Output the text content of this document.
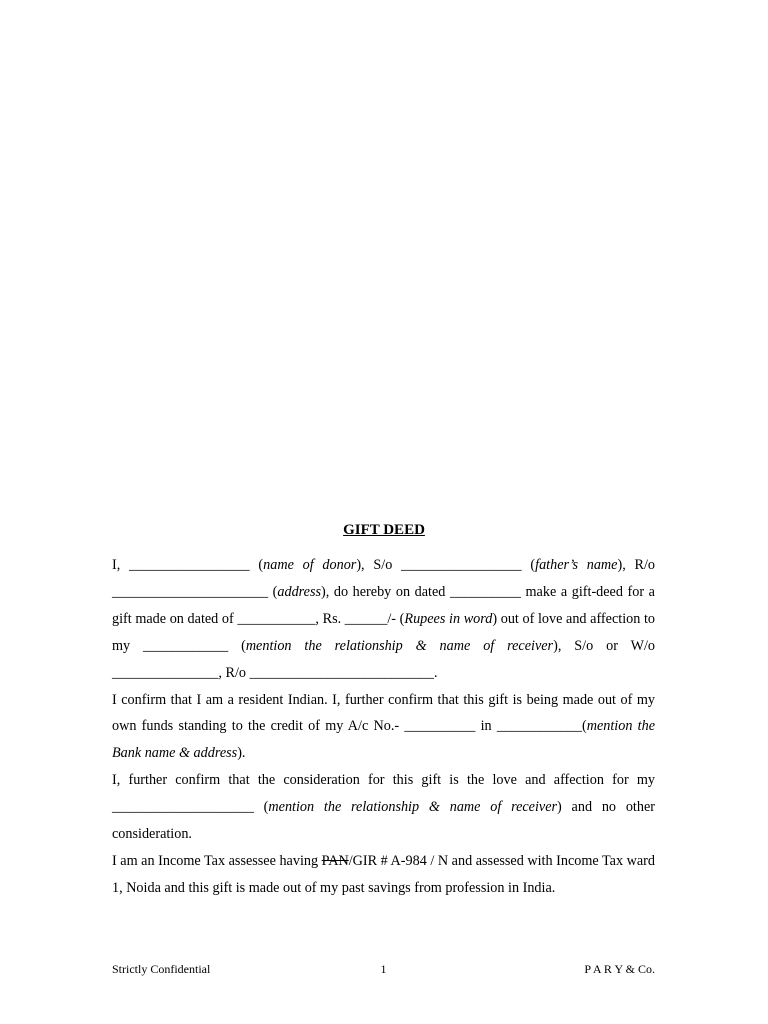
GIFT DEED

I, _________________ (name of donor), S/o _________________ (father’s name), R/o ______________________ (address), do hereby on dated __________ make a gift-deed for a gift made on dated of ___________, Rs. ______/- (Rupees in word) out of love and affection to my ____________ (mention the relationship & name of receiver), S/o or W/o _______________, R/o __________________________.

I confirm that I am a resident Indian. I, further confirm that this gift is being made out of my own funds standing to the credit of my A/c No.- __________ in ____________(mention the Bank name & address).

I, further confirm that the consideration for this gift is the love and affection for my ____________________ (mention the relationship & name of receiver) and no other consideration.

I am an Income Tax assessee having PAN/GIR # A-984 / N and assessed with Income Tax ward 1, Noida and this gift is made out of my past savings from profession in India.

Strictly Confidential	1	P A R Y & Co.
